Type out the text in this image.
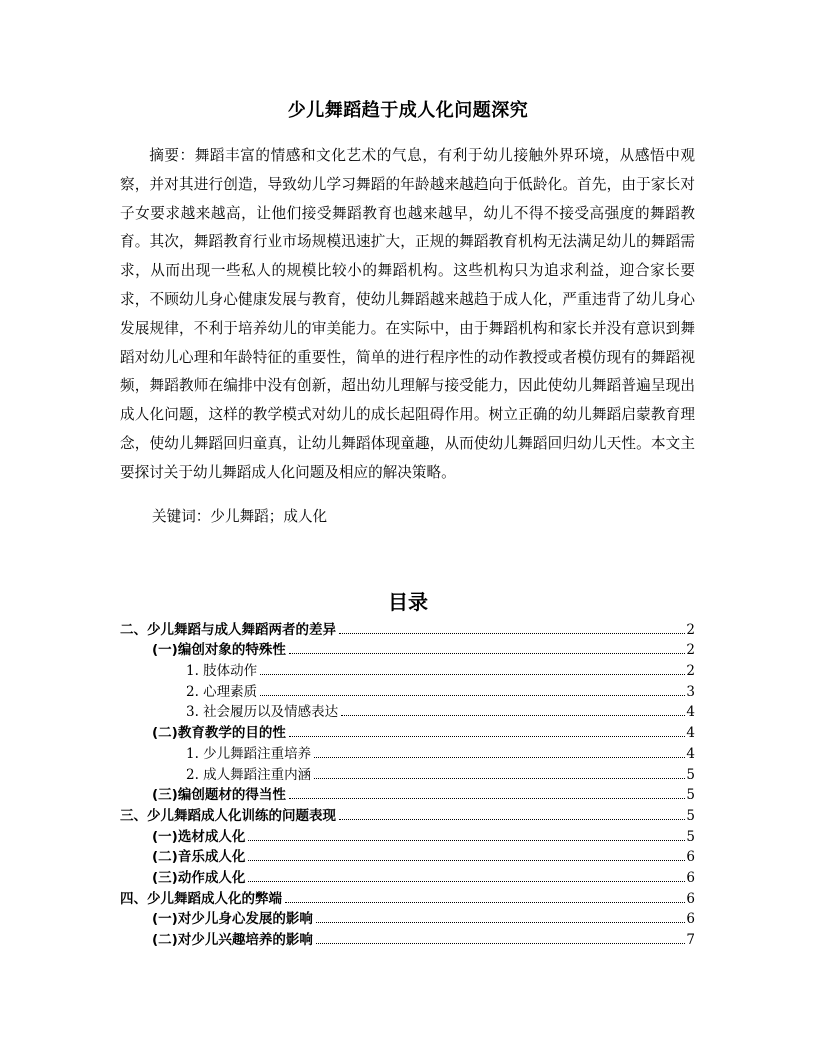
少儿舞蹈趋于成人化问题深究

摘要：舞蹈丰富的情感和文化艺术的气息，有利于幼儿接触外界环境，从感悟中观察，并对其进行创造，导致幼儿学习舞蹈的年龄越来越趋向于低龄化。首先，由于家长对子女要求越来越高，让他们接受舞蹈教育也越来越早，幼儿不得不接受高强度的舞蹈教育。其次，舞蹈教育行业市场规模迅速扩大，正规的舞蹈教育机构无法满足幼儿的舞蹈需求，从而出现一些私人的规模比较小的舞蹈机构。这些机构只为追求利益，迎合家长要求，不顾幼儿身心健康发展与教育，使幼儿舞蹈越来越趋于成人化，严重违背了幼儿身心发展规律，不利于培养幼儿的审美能力。在实际中，由于舞蹈机构和家长并没有意识到舞蹈对幼儿心理和年龄特征的重要性，简单的进行程序性的动作教授或者模仿现有的舞蹈视频，舞蹈教师在编排中没有创新，超出幼儿理解与接受能力，因此使幼儿舞蹈普遍呈现出成人化问题，这样的教学模式对幼儿的成长起阻碍作用。树立正确的幼儿舞蹈启蒙教育理念，使幼儿舞蹈回归童真，让幼儿舞蹈体现童趣，从而使幼儿舞蹈回归幼儿天性。本文主要探讨关于幼儿舞蹈成人化问题及相应的解决策略。

关键词：少儿舞蹈；成人化

目录
二、少儿舞蹈与成人舞蹈两者的差异	2
(一)编创对象的特殊性	2
1. 肢体动作	2
2. 心理素质	3
3. 社会履历以及情感表达	4
(二)教育教学的目的性	4
1. 少儿舞蹈注重培养	4
2. 成人舞蹈注重内涵	5
(三)编创题材的得当性	5
三、少儿舞蹈成人化训练的问题表现	5
(一)选材成人化	5
(二)音乐成人化	6
(三)动作成人化	6
四、少儿舞蹈成人化的弊端	6
(一)对少儿身心发展的影响	6
(二)对少儿兴趣培养的影响	7
